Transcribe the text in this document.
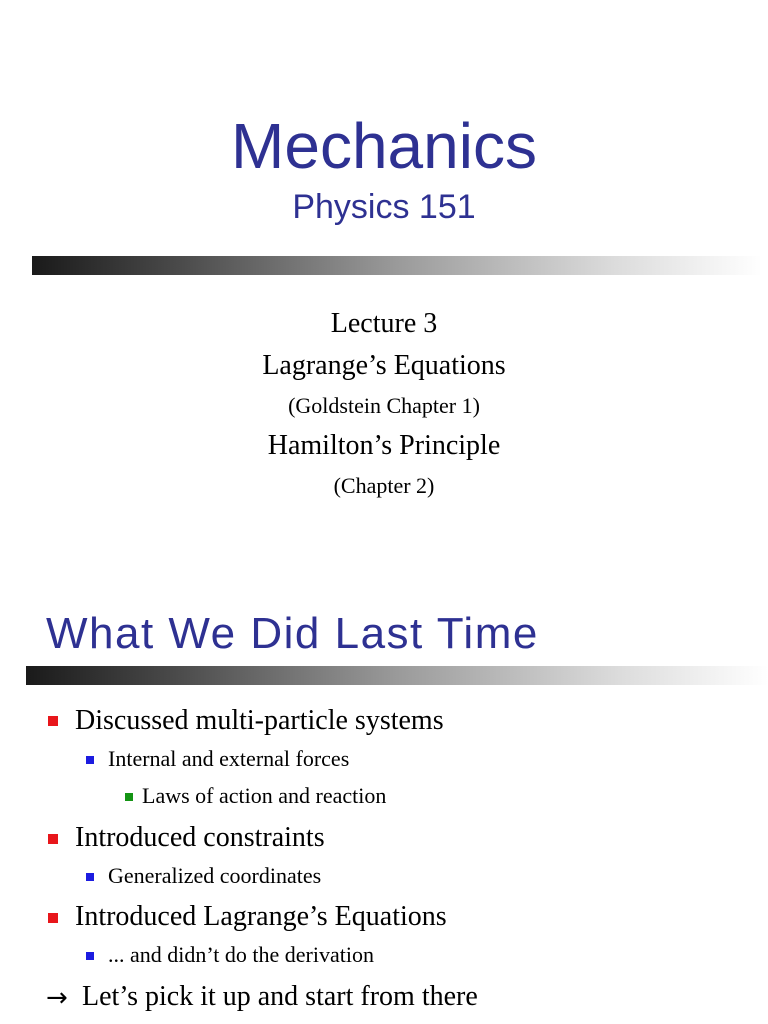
Mechanics
Physics 151
Lecture 3
Lagrange’s Equations
(Goldstein Chapter 1)
Hamilton’s Principle
(Chapter 2)
What We Did Last Time
Discussed multi-particle systems
Internal and external forces
Laws of action and reaction
Introduced constraints
Generalized coordinates
Introduced Lagrange’s Equations
... and didn’t do the derivation
→ Let’s pick it up and start from there
